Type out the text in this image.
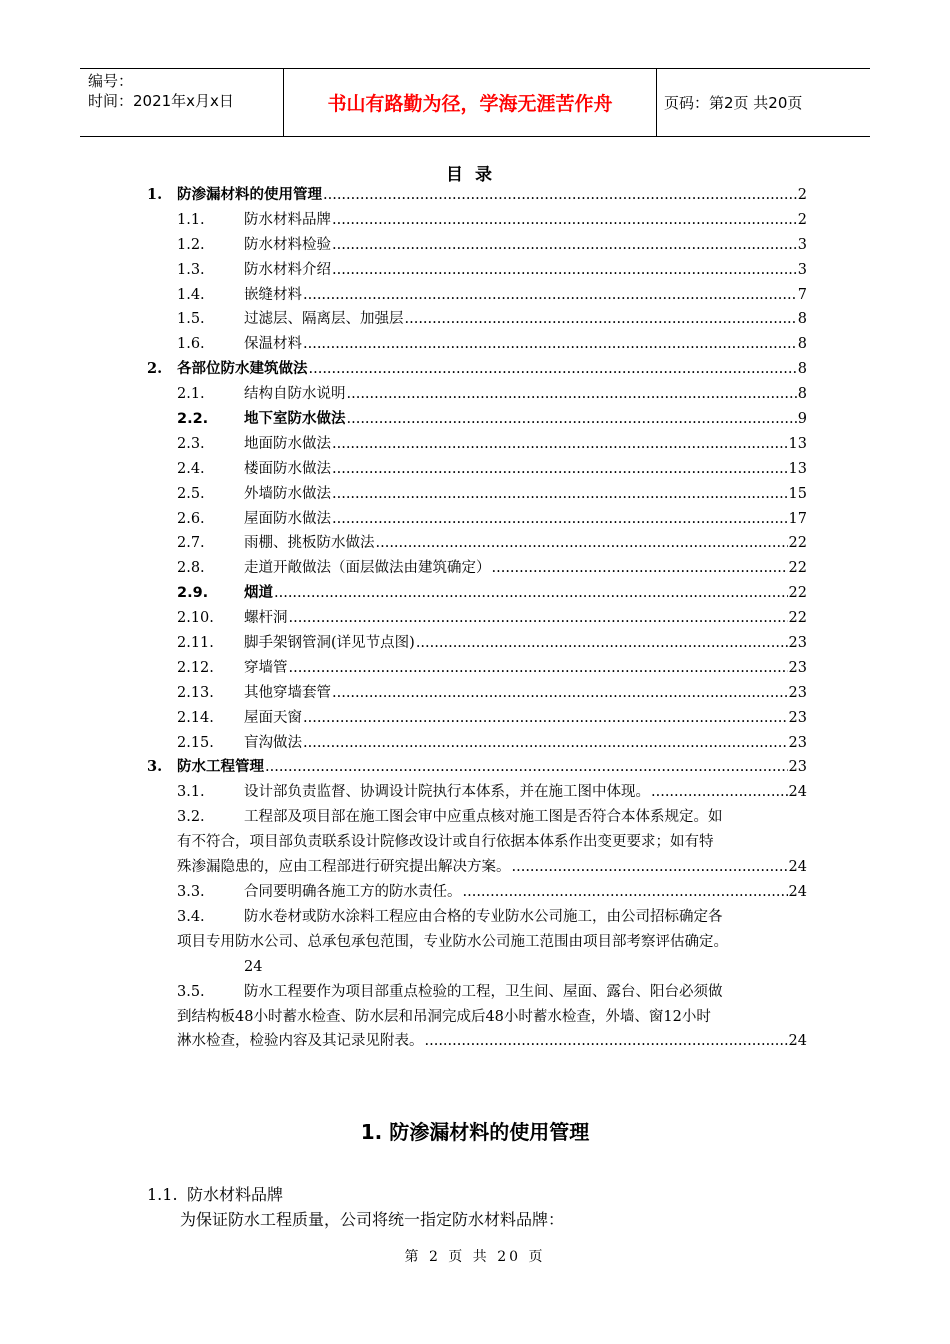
编号：
时间：2021年x月x日	书山有路勤为径，学海无涯苦作舟	页码：第2页 共20页
目录
1.	防渗漏材料的使用管理 .....	2
1.1.	防水材料品牌 .....	2
1.2.	防水材料检验 .....	3
1.3.	防水材料介绍 .....	3
1.4.	嵌缝材料 .....	7
1.5.	过滤层、隔离层、加强层 .....	8
1.6.	保温材料 .....	8
2.	各部位防水建筑做法 .....	8
2.1.	结构自防水说明 .....	8
2.2.	地下室防水做法 .....	9
2.3.	地面防水做法 .....	13
2.4.	楼面防水做法 .....	13
2.5.	外墙防水做法 .....	15
2.6.	屋面防水做法 .....	17
2.7.	雨棚、挑板防水做法 .....	22
2.8.	走道开敞做法（面层做法由建筑确定） .....	22
2.9.	烟道 .....	22
2.10.	螺杆洞 .....	22
2.11.	脚手架钢管洞(详见节点图) .....	23
2.12.	穿墙管 .....	23
2.13.	其他穿墙套管 .....	23
2.14.	屋面天窗 .....	23
2.15.	盲沟做法 .....	23
3.	防水工程管理 .....	23
3.1.	设计部负责监督、协调设计院执行本体系，并在施工图中体现。 .....	24
3.2.	工程部及项目部在施工图会审中应重点核对施工图是否符合本体系规定。如
有不符合，项目部负责联系设计院修改设计或自行依据本体系作出变更要求；如有特
殊渗漏隐患的，应由工程部进行研究提出解决方案。 .....	24
3.3.	合同要明确各施工方的防水责任。 .....	24
3.4.	防水卷材或防水涂料工程应由合格的专业防水公司施工，由公司招标确定各
项目专用防水公司、总承包承包范围，专业防水公司施工范围由项目部考察评估确定。
24
3.5.	防水工程要作为项目部重点检验的工程，卫生间、屋面、露台、阳台必须做
到结构板48小时蓄水检查、防水层和吊洞完成后48小时蓄水检查，外墙、窗12小时
淋水检查，检验内容及其记录见附表。 .....	24
1. 防渗漏材料的使用管理
1.1. 防水材料品牌
为保证防水工程质量，公司将统一指定防水材料品牌：
第 2 页 共 20 页
